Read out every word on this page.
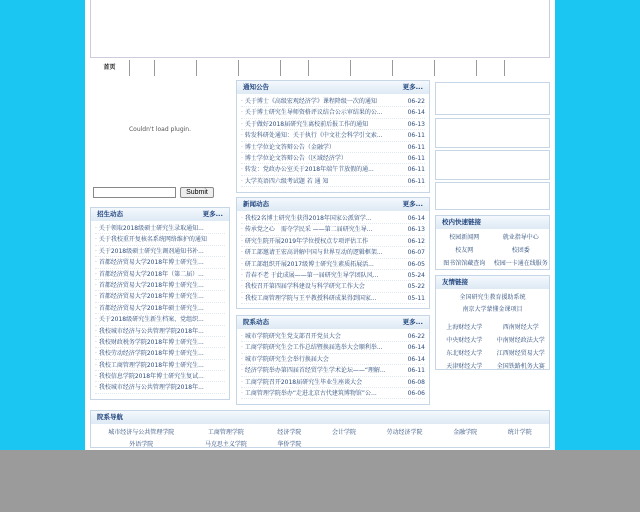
首页
Couldn't load plugin.
Submit
招生动态	更多...
· 关于领取2018级硕士研究生录取通知...
· 关于我校重开复核名系统网络维护的通知
· 关于2018级硕士研究生调剂通知书补...
· 首都经济贸易大学2018年博士研究生...
· 首都经济贸易大学2018年（第二届）...
· 首都经济贸易大学2018年博士研究生...
· 首都经济贸易大学2018年博士研究生...
· 首都经济贸易大学2018年硕士研究生...
· 关于2018级研究生新生档案、党组织...
· 我校城市经济与公共管理学院2018年...
· 我校财政税务学院2018年博士研究生...
· 我校劳动经济学院2018年博士研究生...
· 我校工商管理学院2018年博士研究生...
· 我校信息学院2018年博士研究生复试...
· 我校城市经济与公共管理学院2018年...
通知公告	更多...
· 关于博士《高级宏观经济学》课程降级一次的通知	06-22
· 关于博士研究生导师资格评议结合公示审结果的公...	06-14
· 关于做好2018届研究生离校前后报工作的通知	06-13
· 转发科研处通知：关于执行《中文社会科学引文索...	06-11
· 博士学位论文答辩公告（金融学）	06-11
· 博士学位论文答辩公告（区域经济学）	06-11
· 转发：党政办公室关于2018年端午节放假的通...	06-11
· 大学英语四六级考试题 若 通 知	06-11
新闻动态	更多...
· 我校2名博士研究生获得2018年国家公派留学...	06-14
· 传承党之心　需夺学民采 ——第二届研究生导...	06-13
· 研究生院开展2019年学位授权点专项评估工作	06-12
· 研工部邀请王宏高讲解中国与世界互动的逻辑框架...	06-07
· 研工部组织开展2017级博士研究生素质拓展活...	06-05
· 青春不老 于此成展——第一届研究生导学团队风...	05-24
· 我校召开第四届学科建设与科学研究工作大会	05-22
· 我校工商管理学院与王平教授科研成果得到国家...	05-11
院系动态	更多...
· 城市学院研究生党支部召开党员大会	06-22
· 工商学院研究生会工作总结暨换届选举大会顺利举...	06-14
· 城市学院研究生会举行换届大会	06-14
· 经济学院举办第四届首经贸学生学术论坛——“理解...	06-11
· 工商学院召开2018届研究生毕业生座谈大会	06-08
· 工商管理学院举办“走进北京古代建筑博物馆”公...	06-06
校内快速链接
校园新闻网	就业指导中心
校友网	校团委
图书馆馆藏查询	校园一卡通在线服务
友情链接
全国研究生教育援助系统
南京大学蒙懂金课项目
上海财经大学	西南财经大学
中央财经大学	中南财经政法大学
东北财经大学	江西财经贸易大学
天津财经大学	全国铁路机务大赛
院系导航
城市经济与公共管理学院	工商管理学院	经济学院	会计学院	劳动经济学院	金融学院	统计学院
外语学院	马克思主义学院	华侨学院
